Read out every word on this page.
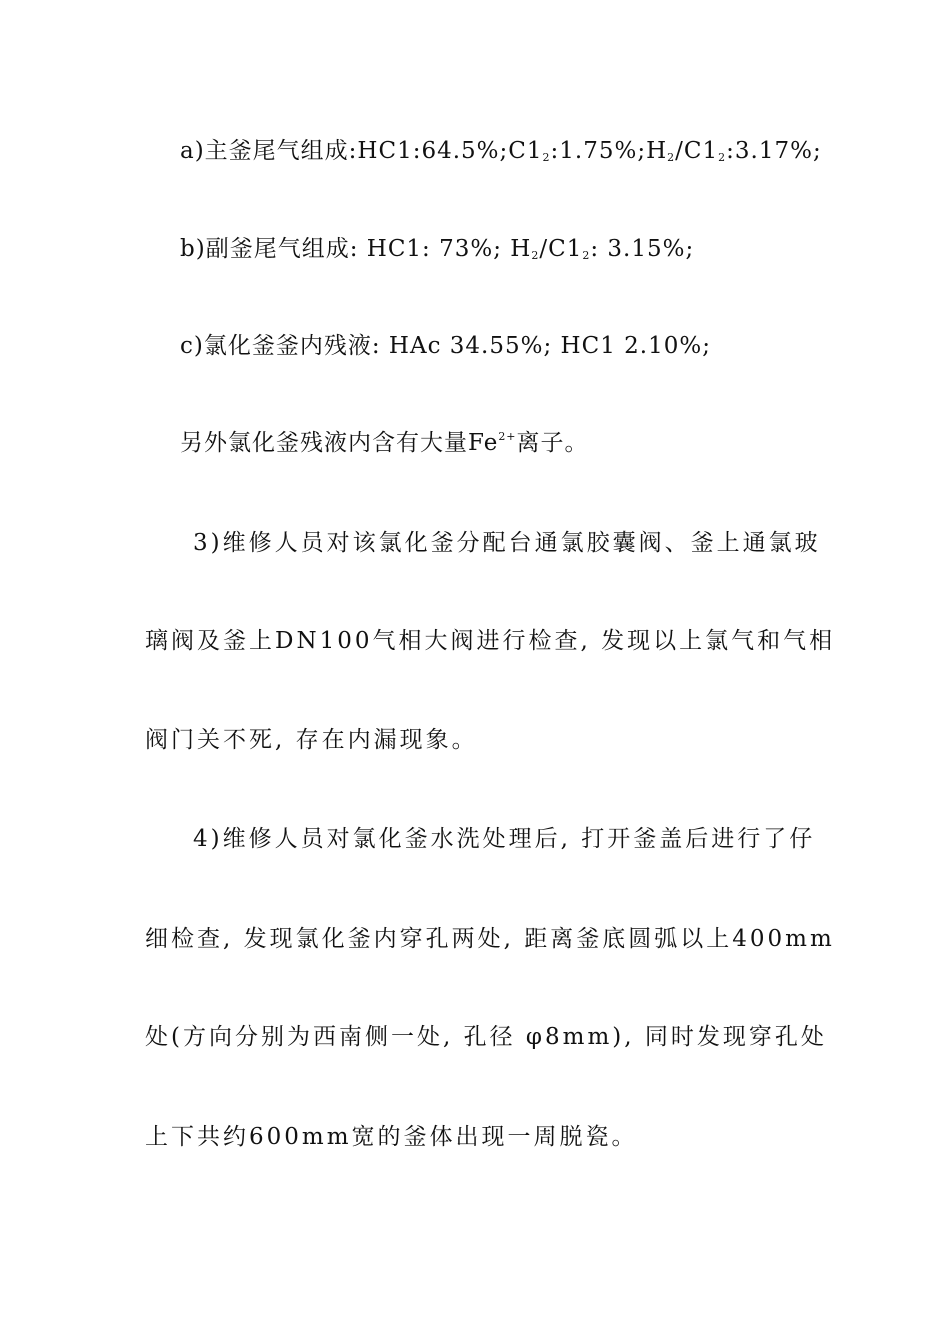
a)主釜尾气组成$:HC1:64.5\%;C1_2:1.75\%;H_2/C1_2:3.17\%$;
b)副釜尾气组成: HC1: 73%; $H_2/C1_2$: 3.15%;
c)氯化釜釜内残液: HAc 34.55%; HC1 2.10%;
另外氯化釜残液内含有大量$Fe^{2+}$离子。
3)维修人员对该氯化釜分配台通氯胶囊阀、釜上通氯玻
璃阀及釜上DN100气相大阀进行检查, 发现以上氯气和气相
阀门关不死, 存在内漏现象。
4)维修人员对氯化釜水洗处理后, 打开釜盖后进行了仔
细检查, 发现氯化釜内穿孔两处, 距离釜底圆弧以上400mm
处(方向分别为西南侧一处, 孔径 φ8mm), 同时发现穿孔处
上下共约600mm宽的釜体出现一周脱瓷。
